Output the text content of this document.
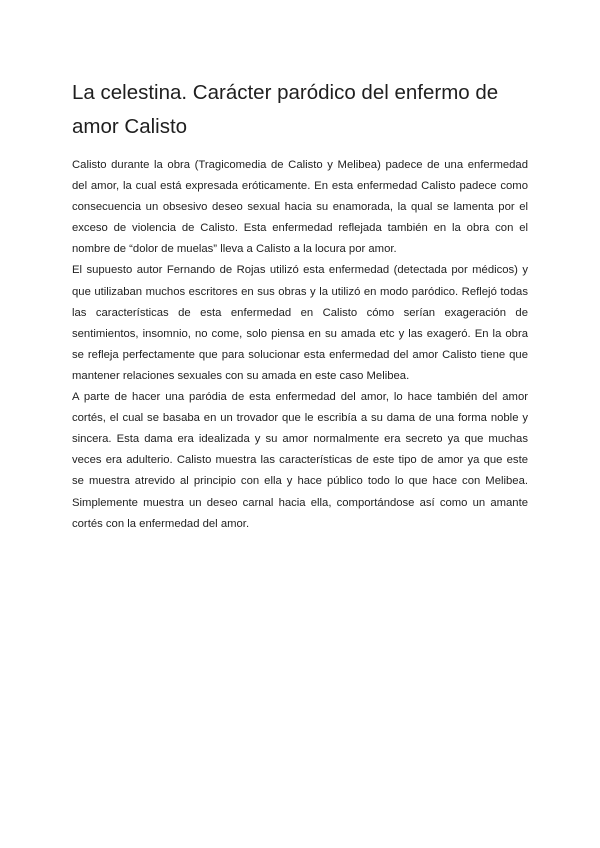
La celestina. Carácter paródico del enfermo de amor Calisto

Calisto durante la obra (Tragicomedia de Calisto y Melibea) padece de una enfermedad del amor, la cual está expresada eróticamente. En esta enfermedad Calisto padece como consecuencia un obsesivo deseo sexual hacia su enamorada, la qual se lamenta por el exceso de violencia de Calisto. Esta enfermedad reflejada también en la obra con el nombre de “dolor de muelas” lleva a Calisto a la locura por amor.

El supuesto autor Fernando de Rojas utilizó esta enfermedad (detectada por médicos) y que utilizaban muchos escritores en sus obras y la utilizó en modo paródico. Reflejó todas las características de esta enfermedad en Calisto cómo serían exageración de sentimientos, insomnio, no come, solo piensa en su amada etc y las exageró. En la obra se refleja perfectamente que para solucionar esta enfermedad del amor Calisto tiene que mantener relaciones sexuales con su amada en este caso Melibea.

A parte de hacer una paródia de esta enfermedad del amor, lo hace también del amor cortés, el cual se basaba en un trovador que le escribía a su dama de una forma noble y sincera. Esta dama era idealizada y su amor normalmente era secreto ya que muchas veces era adulterio. Calisto muestra las características de este tipo de amor ya que este se muestra atrevido al principio con ella y hace público todo lo que hace con Melibea. Simplemente muestra un deseo carnal hacia ella, comportándose así como un amante cortés con la enfermedad del amor.
